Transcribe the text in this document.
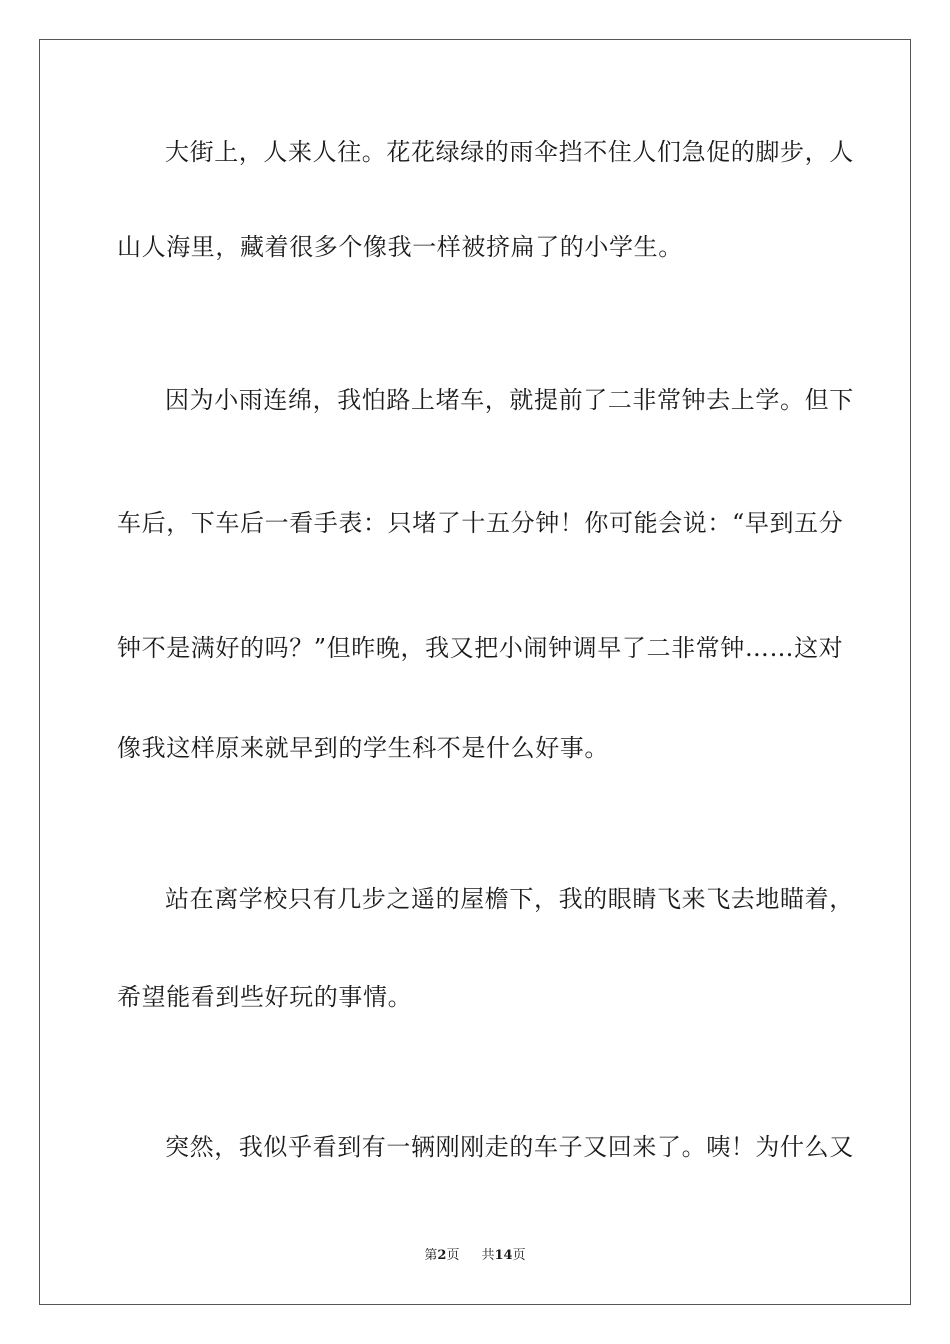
大街上，人来人往。花花绿绿的雨伞挡不住人们急促的脚步，人
山人海里，藏着很多个像我一样被挤扁了的小学生。
因为小雨连绵，我怕路上堵车，就提前了二非常钟去上学。但下
车后，下车后一看手表：只堵了十五分钟！你可能会说：“早到五分
钟不是满好的吗？”但昨晚，我又把小闹钟调早了二非常钟……这对
像我这样原来就早到的学生科不是什么好事。
站在离学校只有几步之遥的屋檐下，我的眼睛飞来飞去地瞄着，
希望能看到些好玩的事情。
突然，我似乎看到有一辆刚刚走的车子又回来了。咦！为什么又
第2页 共14页
